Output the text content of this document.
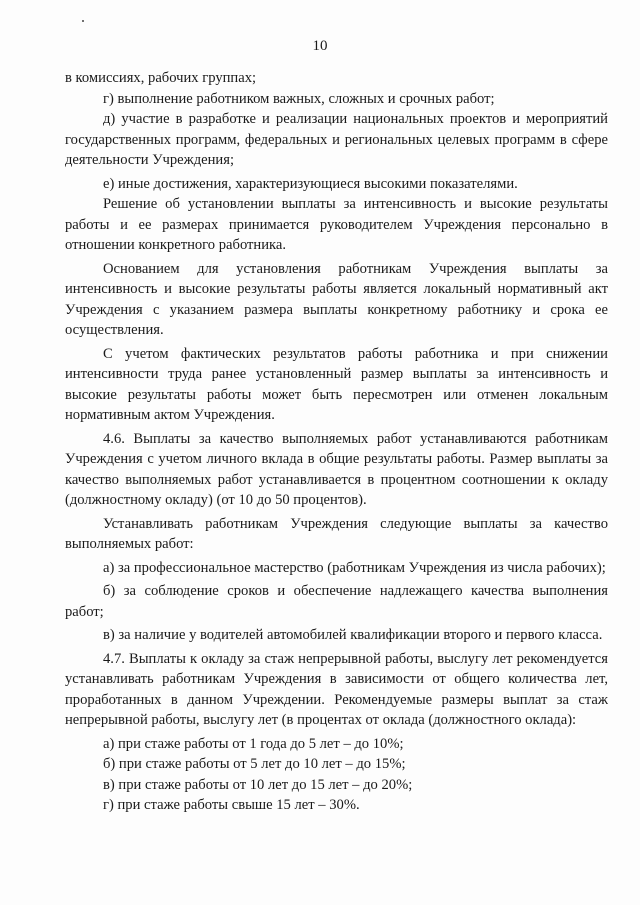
10

в комиссиях, рабочих группах;

г) выполнение работником важных, сложных и срочных работ;

д) участие в разработке и реализации национальных проектов и мероприятий государственных программ, федеральных и региональных целевых программ в сфере деятельности Учреждения;

е) иные достижения, характеризующиеся высокими показателями.

Решение об установлении выплаты за интенсивность и высокие результаты работы и ее размерах принимается руководителем Учреждения персонально в отношении конкретного работника.

Основанием для установления работникам Учреждения выплаты за интенсивность и высокие результаты работы является локальный нормативный акт Учреждения с указанием размера выплаты конкретному работнику и срока ее осуществления.

С учетом фактических результатов работы работника и при снижении интенсивности труда ранее установленный размер выплаты за интенсивность и высокие результаты работы может быть пересмотрен или отменен локальным нормативным актом Учреждения.

4.6. Выплаты за качество выполняемых работ устанавливаются работникам Учреждения с учетом личного вклада в общие результаты работы. Размер выплаты за качество выполняемых работ устанавливается в процентном соотношении к окладу (должностному окладу) (от 10 до 50 процентов).

Устанавливать работникам Учреждения следующие выплаты за качество выполняемых работ:

а) за профессиональное мастерство (работникам Учреждения из числа рабочих);

б) за соблюдение сроков и обеспечение надлежащего качества выполнения работ;

в) за наличие у водителей автомобилей квалификации второго и первого класса.

4.7. Выплаты к окладу за стаж непрерывной работы, выслугу лет рекомендуется устанавливать работникам Учреждения в зависимости от общего количества лет, проработанных в данном Учреждении. Рекомендуемые размеры выплат за стаж непрерывной работы, выслугу лет (в процентах от оклада (должностного оклада):

а) при стаже работы от 1 года до 5 лет – до 10%;

б) при стаже работы от 5 лет до 10 лет – до 15%;

в) при стаже работы от 10 лет до 15 лет – до 20%;

г) при стаже работы свыше 15 лет – 30%.
